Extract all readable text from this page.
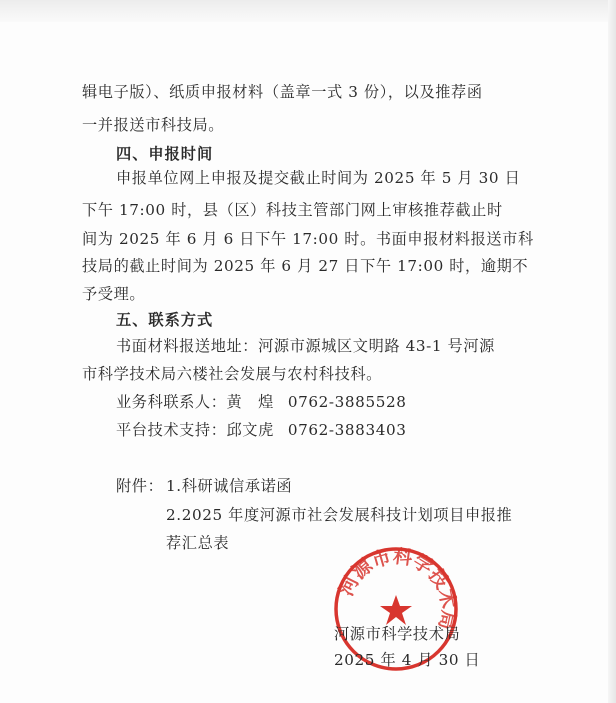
辑电子版）、纸质申报材料（盖章一式 3 份），以及推荐函
一并报送市科技局。
四、申报时间
申报单位网上申报及提交截止时间为 2025 年 5 月 30 日
下午 17:00 时，县（区）科技主管部门网上审核推荐截止时
间为 2025 年 6 月 6 日下午 17:00 时。书面申报材料报送市科
技局的截止时间为 2025 年 6 月 27 日下午 17:00 时，逾期不
予受理。
五、联系方式
书面材料报送地址：河源市源城区文明路 43-1 号河源
市科学技术局六楼社会发展与农村科技科。
业务科联系人：黄　煌 0762-3885528
平台技术支持：邱文虎 0762-3883403
附件： 1.科研诚信承诺函
2.2025 年度河源市社会发展科技计划项目申报推
荐汇总表
河源市科学技术局
河源市科学技术局
2025 年 4 月 30 日
